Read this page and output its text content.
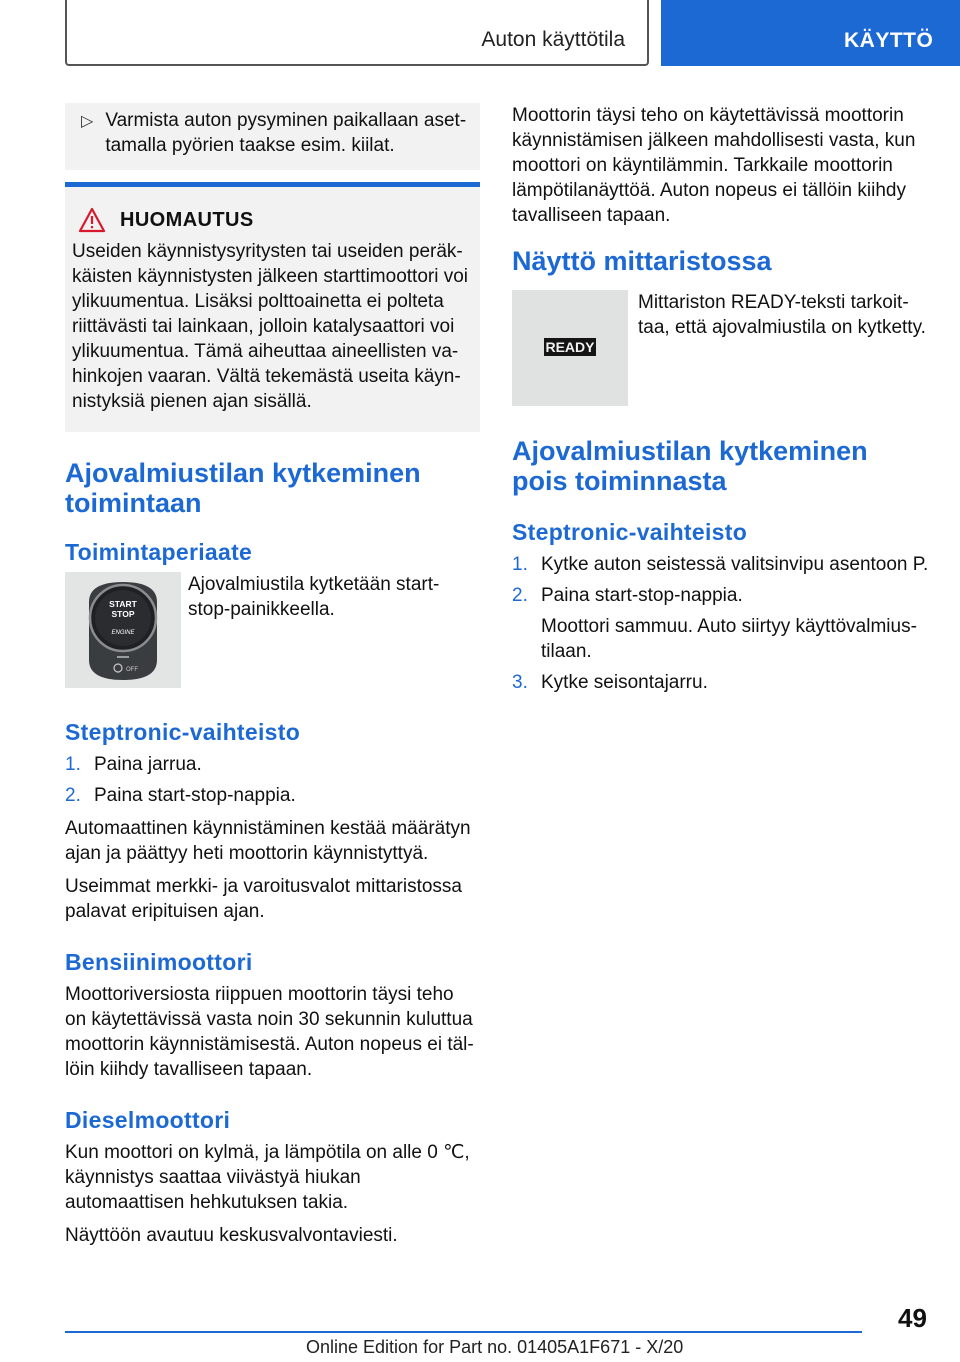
Auton käyttötila	KÄYTTÖ
▷ Varmista auton pysyminen paikallaan asettamalla pyörien taakse esim. kiilat.
HUOMAUTUS
Useiden käynnistysyritysten tai useiden peräkkäisten käynnistysten jälkeen starttimoottori voi ylikuumentua. Lisäksi polttoainetta ei polteta riittävästi tai lainkaan, jolloin katalysaattori voi ylikuumentua. Tämä aiheuttaa aineellisten vahinkojen vaaran. Vältä tekemästä useita käynnistyksiä pienen ajan sisällä.
Ajovalmiustilan kytkeminen toimintaan
Toimintaperiaate
START
STOP
ENGINE
OFF
Ajovalmiustila kytketään start-stop-painikkeella.
Steptronic-vaihteisto
1. Paina jarrua.
2. Paina start-stop-nappia.

Automaattinen käynnistäminen kestää määrätyn ajan ja päättyy heti moottorin käynnistyttyä.

Useimmat merkki- ja varoitusvalot mittaristossa palavat eripituisen ajan.

Bensiinimoottori

Moottoriversiosta riippuen moottorin täysi teho on käytettävissä vasta noin 30 sekunnin kuluttua moottorin käynnistämisestä. Auton nopeus ei tällöin kiihdy tavalliseen tapaan.

Dieselmoottori

Kun moottori on kylmä, ja lämpötila on alle 0 ℃, käynnistys saattaa viivästyä hiukan automaattisen hehkutuksen takia.

Näyttöön avautuu keskusvalvontaviesti.

Moottorin täysi teho on käytettävissä moottorin käynnistämisen jälkeen mahdollisesti vasta, kun moottori on käyntilämmin. Tarkkaile moottorin lämpötilanäyttöä. Auton nopeus ei tällöin kiihdy tavalliseen tapaan.

Näyttö mittaristossa
READY
Mittariston READY-teksti tarkoittaa, että ajovalmiustila on kytketty.
Ajovalmiustilan kytkeminen pois toiminnasta
Steptronic-vaihteisto
1. Kytke auton seistessä valitsinvipu asentoon P.
2. Paina start-stop-nappia.
Moottori sammuu. Auto siirtyy käyttövalmiustilaan.
3. Kytke seisontajarru.
49
Online Edition for Part no. 01405A1F671 - X/20
